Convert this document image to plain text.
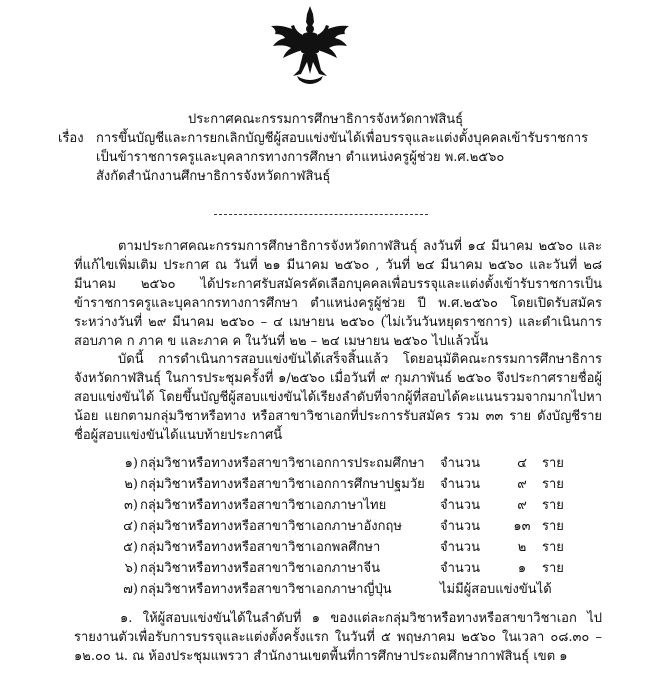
ประกาศคณะกรรมการศึกษาธิการจังหวัดกาฬสินธุ์
เรื่อง การขึ้นบัญชีและการยกเลิกบัญชีผู้สอบแข่งขันได้เพื่อบรรจุและแต่งตั้งบุคคลเข้ารับราชการ
เป็นข้าราชการครูและบุคลากรทางการศึกษา ตำแหน่งครูผู้ช่วย พ.ศ.๒๕๖๐
สังกัดสำนักงานศึกษาธิการจังหวัดกาฬสินธุ์
ตามประกาศคณะกรรมการศึกษาธิการจังหวัดกาฬสินธุ์ ลงวันที่ ๑๔ มีนาคม ๒๕๖๐ และที่แก้ไขเพิ่มเติม ประกาศ ณ วันที่ ๒๑ มีนาคม ๒๕๖๐ , วันที่ ๒๔ มีนาคม ๒๕๖๐ และวันที่ ๒๘ มีนาคม ๒๕๖๐ ได้ประกาศรับสมัครคัดเลือกบุคคลเพื่อบรรจุและแต่งตั้งเข้ารับราชการเป็นข้าราชการครูและบุคลากรทางการศึกษา ตำแหน่งครูผู้ช่วย ปี พ.ศ.๒๕๖๐ โดยเปิดรับสมัครระหว่างวันที่ ๒๙ มีนาคม ๒๕๖๐ – ๔ เมษายน ๒๕๖๐ (ไม่เว้นวันหยุดราชการ) และดำเนินการสอบภาค ก ภาค ข และภาค ค ในวันที่ ๒๒ – ๒๔ เมษายน ๒๕๖๐ ไปแล้วนั้น
บัดนี้ การดำเนินการสอบแข่งขันได้เสร็จสิ้นแล้ว โดยอนุมัติคณะกรรมการศึกษาธิการจังหวัดกาฬสินธุ์ ในการประชุมครั้งที่ ๑/๒๕๖๐ เมื่อวันที่ ๙ กุมภาพันธ์ ๒๕๖๐ จึงประกาศรายชื่อผู้สอบแข่งขันได้ โดยขึ้นบัญชีผู้สอบแข่งขันได้เรียงลำดับที่จากผู้ที่สอบได้คะแนนรวมจากมากไปหาน้อย แยกตามกลุ่มวิชาหรือทาง หรือสาขาวิชาเอกที่ประการรับสมัคร รวม ๓๓ ราย ดังบัญชีรายชื่อผู้สอบแข่งขันได้แนบท้ายประกาศนี้
๑) กลุ่มวิชาหรือทางหรือสาขาวิชาเอกการประถมศึกษา	จำนวน	๔	ราย
๒) กลุ่มวิชาหรือทางหรือสาขาวิชาเอกการศึกษาปฐมวัย	จำนวน	๙	ราย
๓) กลุ่มวิชาหรือทางหรือสาขาวิชาเอกภาษาไทย	จำนวน	๙	ราย
๔) กลุ่มวิชาหรือทางหรือสาขาวิชาเอกภาษาอังกฤษ	จำนวน	๑๓ ราย
๕) กลุ่มวิชาหรือทางหรือสาขาวิชาเอกพลศึกษา	จำนวน	๒	ราย
๖) กลุ่มวิชาหรือทางหรือสาขาวิชาเอกภาษาจีน	จำนวน	๑	ราย
๗) กลุ่มวิชาหรือทางหรือสาขาวิชาเอกภาษาญี่ปุ่น	ไม่มีผู้สอบแข่งขันได้
๑. ให้ผู้สอบแข่งขันได้ในลำดับที่ ๑ ของแต่ละกลุ่มวิชาหรือทางหรือสาขาวิชาเอก ไปรายงานตัวเพื่อรับการบรรจุและแต่งตั้งครั้งแรก ในวันที่ ๕ พฤษภาคม ๒๕๖๐ ในเวลา ๐๘.๓๐ – ๑๒.๐๐ น. ณ ห้องประชุมแพรวา สำนักงานเขตพื้นที่การศึกษาประถมศึกษากาฬสินธุ์ เขต ๑
